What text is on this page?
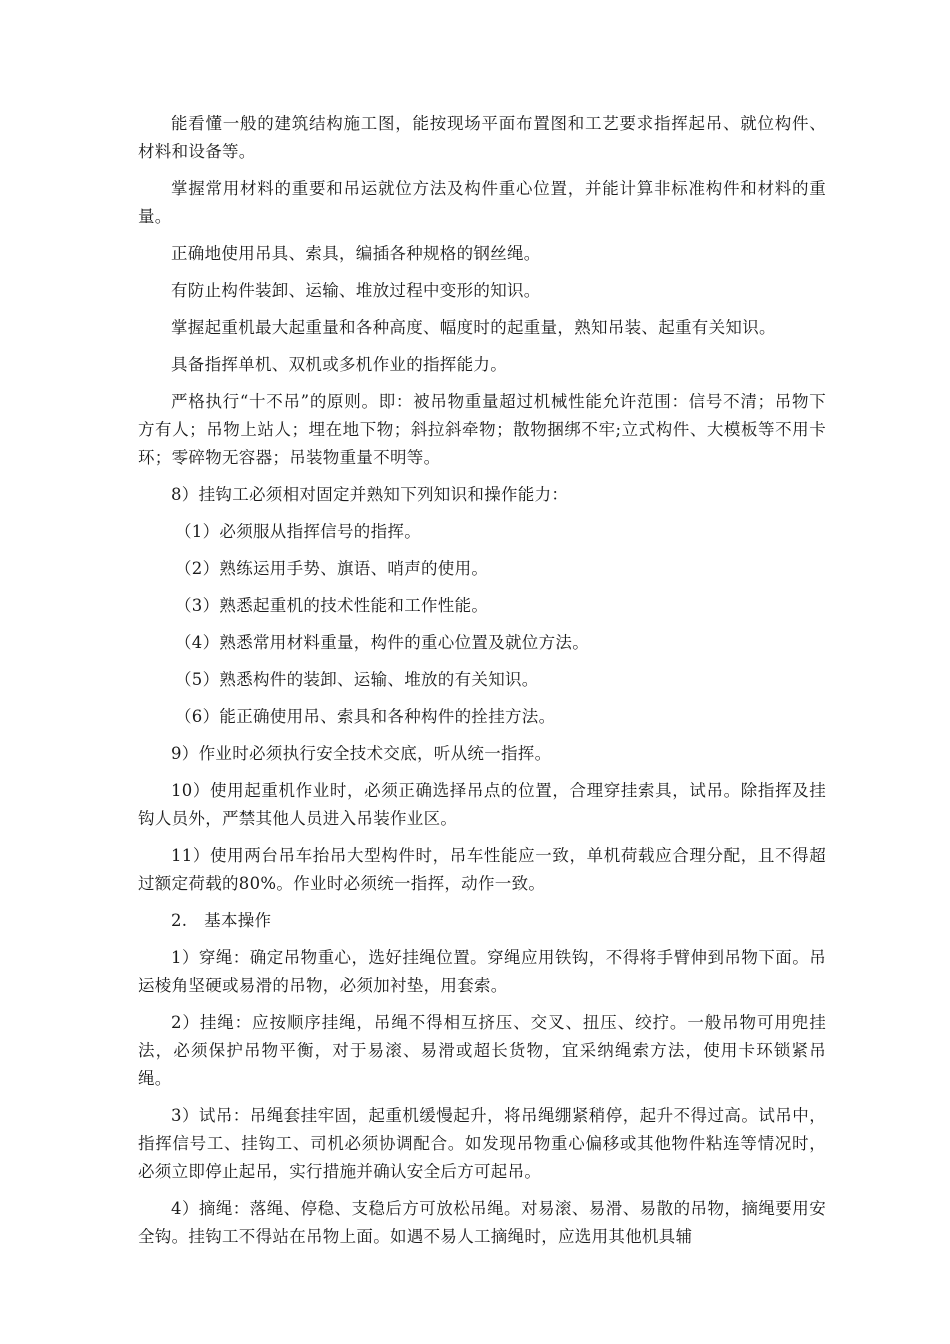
能看懂一般的建筑结构施工图，能按现场平面布置图和工艺要求指挥起吊、就位构件、材料和设备等。

掌握常用材料的重要和吊运就位方法及构件重心位置，并能计算非标准构件和材料的重量。

正确地使用吊具、索具，编插各种规格的钢丝绳。

有防止构件装卸、运输、堆放过程中变形的知识。

掌握起重机最大起重量和各种高度、幅度时的起重量，熟知吊装、起重有关知识。

具备指挥单机、双机或多机作业的指挥能力。

严格执行“十不吊”的原则。即：被吊物重量超过机械性能允许范围：信号不清；吊物下方有人；吊物上站人；埋在地下物；斜拉斜牵物；散物捆绑不牢;立式构件、大模板等不用卡环；零碎物无容器；吊装物重量不明等。

8）挂钩工必须相对固定并熟知下列知识和操作能力：

（1）必须服从指挥信号的指挥。

（2）熟练运用手势、旗语、哨声的使用。

（3）熟悉起重机的技术性能和工作性能。

（4）熟悉常用材料重量，构件的重心位置及就位方法。

（5）熟悉构件的装卸、运输、堆放的有关知识。

（6）能正确使用吊、索具和各种构件的拴挂方法。

9）作业时必须执行安全技术交底，听从统一指挥。

10）使用起重机作业时，必须正确选择吊点的位置，合理穿挂索具，试吊。除指挥及挂钩人员外，严禁其他人员进入吊装作业区。

11）使用两台吊车抬吊大型构件时，吊车性能应一致，单机荷载应合理分配，且不得超过额定荷载的80%。作业时必须统一指挥，动作一致。

2.　基本操作

1）穿绳：确定吊物重心，选好挂绳位置。穿绳应用铁钩，不得将手臂伸到吊物下面。吊运棱角坚硬或易滑的吊物，必须加衬垫，用套索。

2）挂绳：应按顺序挂绳，吊绳不得相互挤压、交叉、扭压、绞拧。一般吊物可用兜挂法，必须保护吊物平衡，对于易滚、易滑或超长货物，宜采纳绳索方法，使用卡环锁紧吊绳。

3）试吊：吊绳套挂牢固，起重机缓慢起升，将吊绳绷紧稍停，起升不得过高。试吊中，指挥信号工、挂钩工、司机必须协调配合。如发现吊物重心偏移或其他物件粘连等情况时，必须立即停止起吊，实行措施并确认安全后方可起吊。

4）摘绳：落绳、停稳、支稳后方可放松吊绳。对易滚、易滑、易散的吊物，摘绳要用安全钩。挂钩工不得站在吊物上面。如遇不易人工摘绳时，应选用其他机具辅
